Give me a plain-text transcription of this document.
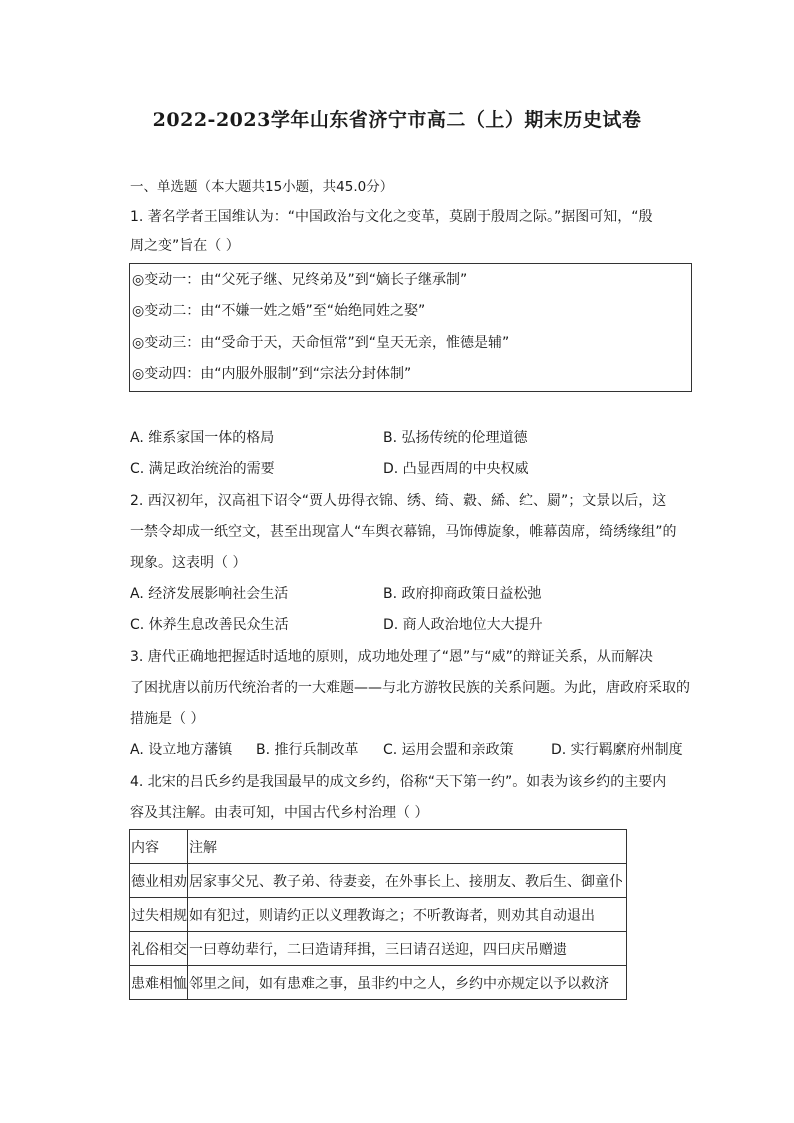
2022-2023学年山东省济宁市高二（上）期末历史试卷
一、单选题（本大题共15小题，共45.0分）
1. 著名学者王国维认为：“中国政治与文化之变革，莫剧于殷周之际。”据图可知，“殷
周之变”旨在（ ）
◎变动一：由“父死子继、兄终弟及”到“嫡长子继承制”
◎变动二：由“不嫌一姓之婚”至“始绝同姓之娶”
◎变动三：由“受命于天，天命恒常”到“皇天无亲，惟德是辅”
◎变动四：由“内服外服制”到“宗法分封体制”
A. 维系家国一体的格局	B. 弘扬传统的伦理道德
C. 满足政治统治的需要	D. 凸显西周的中央权威
2. 西汉初年，汉高祖下诏令“贾人毋得衣锦、绣、绮、縠、絺、纻、罽”；文景以后，这
一禁令却成一纸空文，甚至出现富人“车舆衣幕锦，马饰傅旋象，帷幕茵席，绮绣缘组”的
现象。这表明（ ）
A. 经济发展影响社会生活	B. 政府抑商政策日益松弛
C. 休养生息改善民众生活	D. 商人政治地位大大提升
3. 唐代正确地把握适时适地的原则，成功地处理了“恩”与“威”的辩证关系，从而解决
了困扰唐以前历代统治者的一大难题——与北方游牧民族的关系问题。为此，唐政府采取的
措施是（ ）
A. 设立地方藩镇 B. 推行兵制改革 C. 运用会盟和亲政策	D. 实行羁縻府州制度
4. 北宋的吕氏乡约是我国最早的成文乡约，俗称“天下第一约”。如表为该乡约的主要内
容及其注解。由表可知，中国古代乡村治理（ ）
内容	注解
德业相劝	居家事父兄、教子弟、待妻妾，在外事长上、接朋友、教后生、御童仆
过失相规	如有犯过，则请约正以义理教诲之；不听教诲者，则劝其自动退出
礼俗相交	一曰尊幼辈行，二曰造请拜揖，三曰请召送迎，四曰庆吊赠遗
患难相恤	邻里之间，如有患难之事，虽非约中之人，乡约中亦规定以予以救济
